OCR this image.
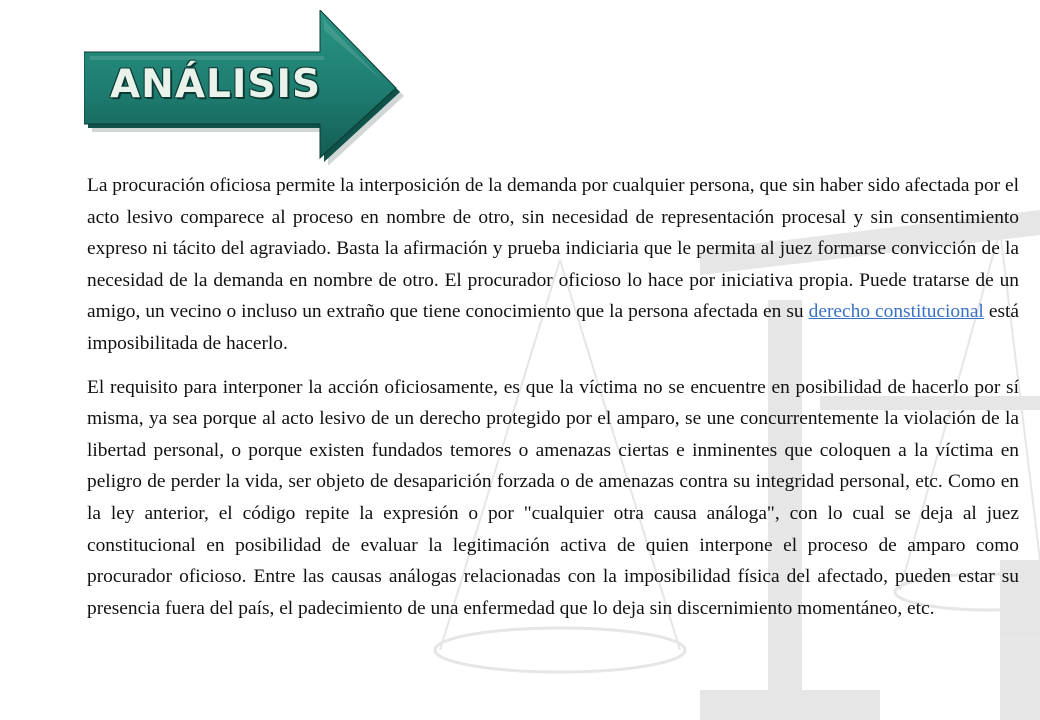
ANÁLISIS

La procuración oficiosa permite la interposición de la demanda por cualquier persona, que sin haber sido afectada por el acto lesivo comparece al proceso en nombre de otro, sin necesidad de representación procesal y sin consentimiento expreso ni tácito del agraviado. Basta la afirmación y prueba indiciaria que le permita al juez formarse convicción de la necesidad de la demanda en nombre de otro. El procurador oficioso lo hace por iniciativa propia. Puede tratarse de un amigo, un vecino o incluso un extraño que tiene conocimiento que la persona afectada en su derecho constitucional está imposibilitada de hacerlo.

El requisito para interponer la acción oficiosamente, es que la víctima no se encuentre en posibilidad de hacerlo por sí misma, ya sea porque al acto lesivo de un derecho protegido por el amparo, se une concurrentemente la violación de la libertad personal, o porque existen fundados temores o amenazas ciertas e inminentes que coloquen a la víctima en peligro de perder la vida, ser objeto de desaparición forzada o de amenazas contra su integridad personal, etc. Como en la ley anterior, el código repite la expresión o por "cualquier otra causa análoga", con lo cual se deja al juez constitucional en posibilidad de evaluar la legitimación activa de quien interpone el proceso de amparo como procurador oficioso. Entre las causas análogas relacionadas con la imposibilidad física del afectado, pueden estar su presencia fuera del país, el padecimiento de una enfermedad que lo deja sin discernimiento momentáneo, etc.
